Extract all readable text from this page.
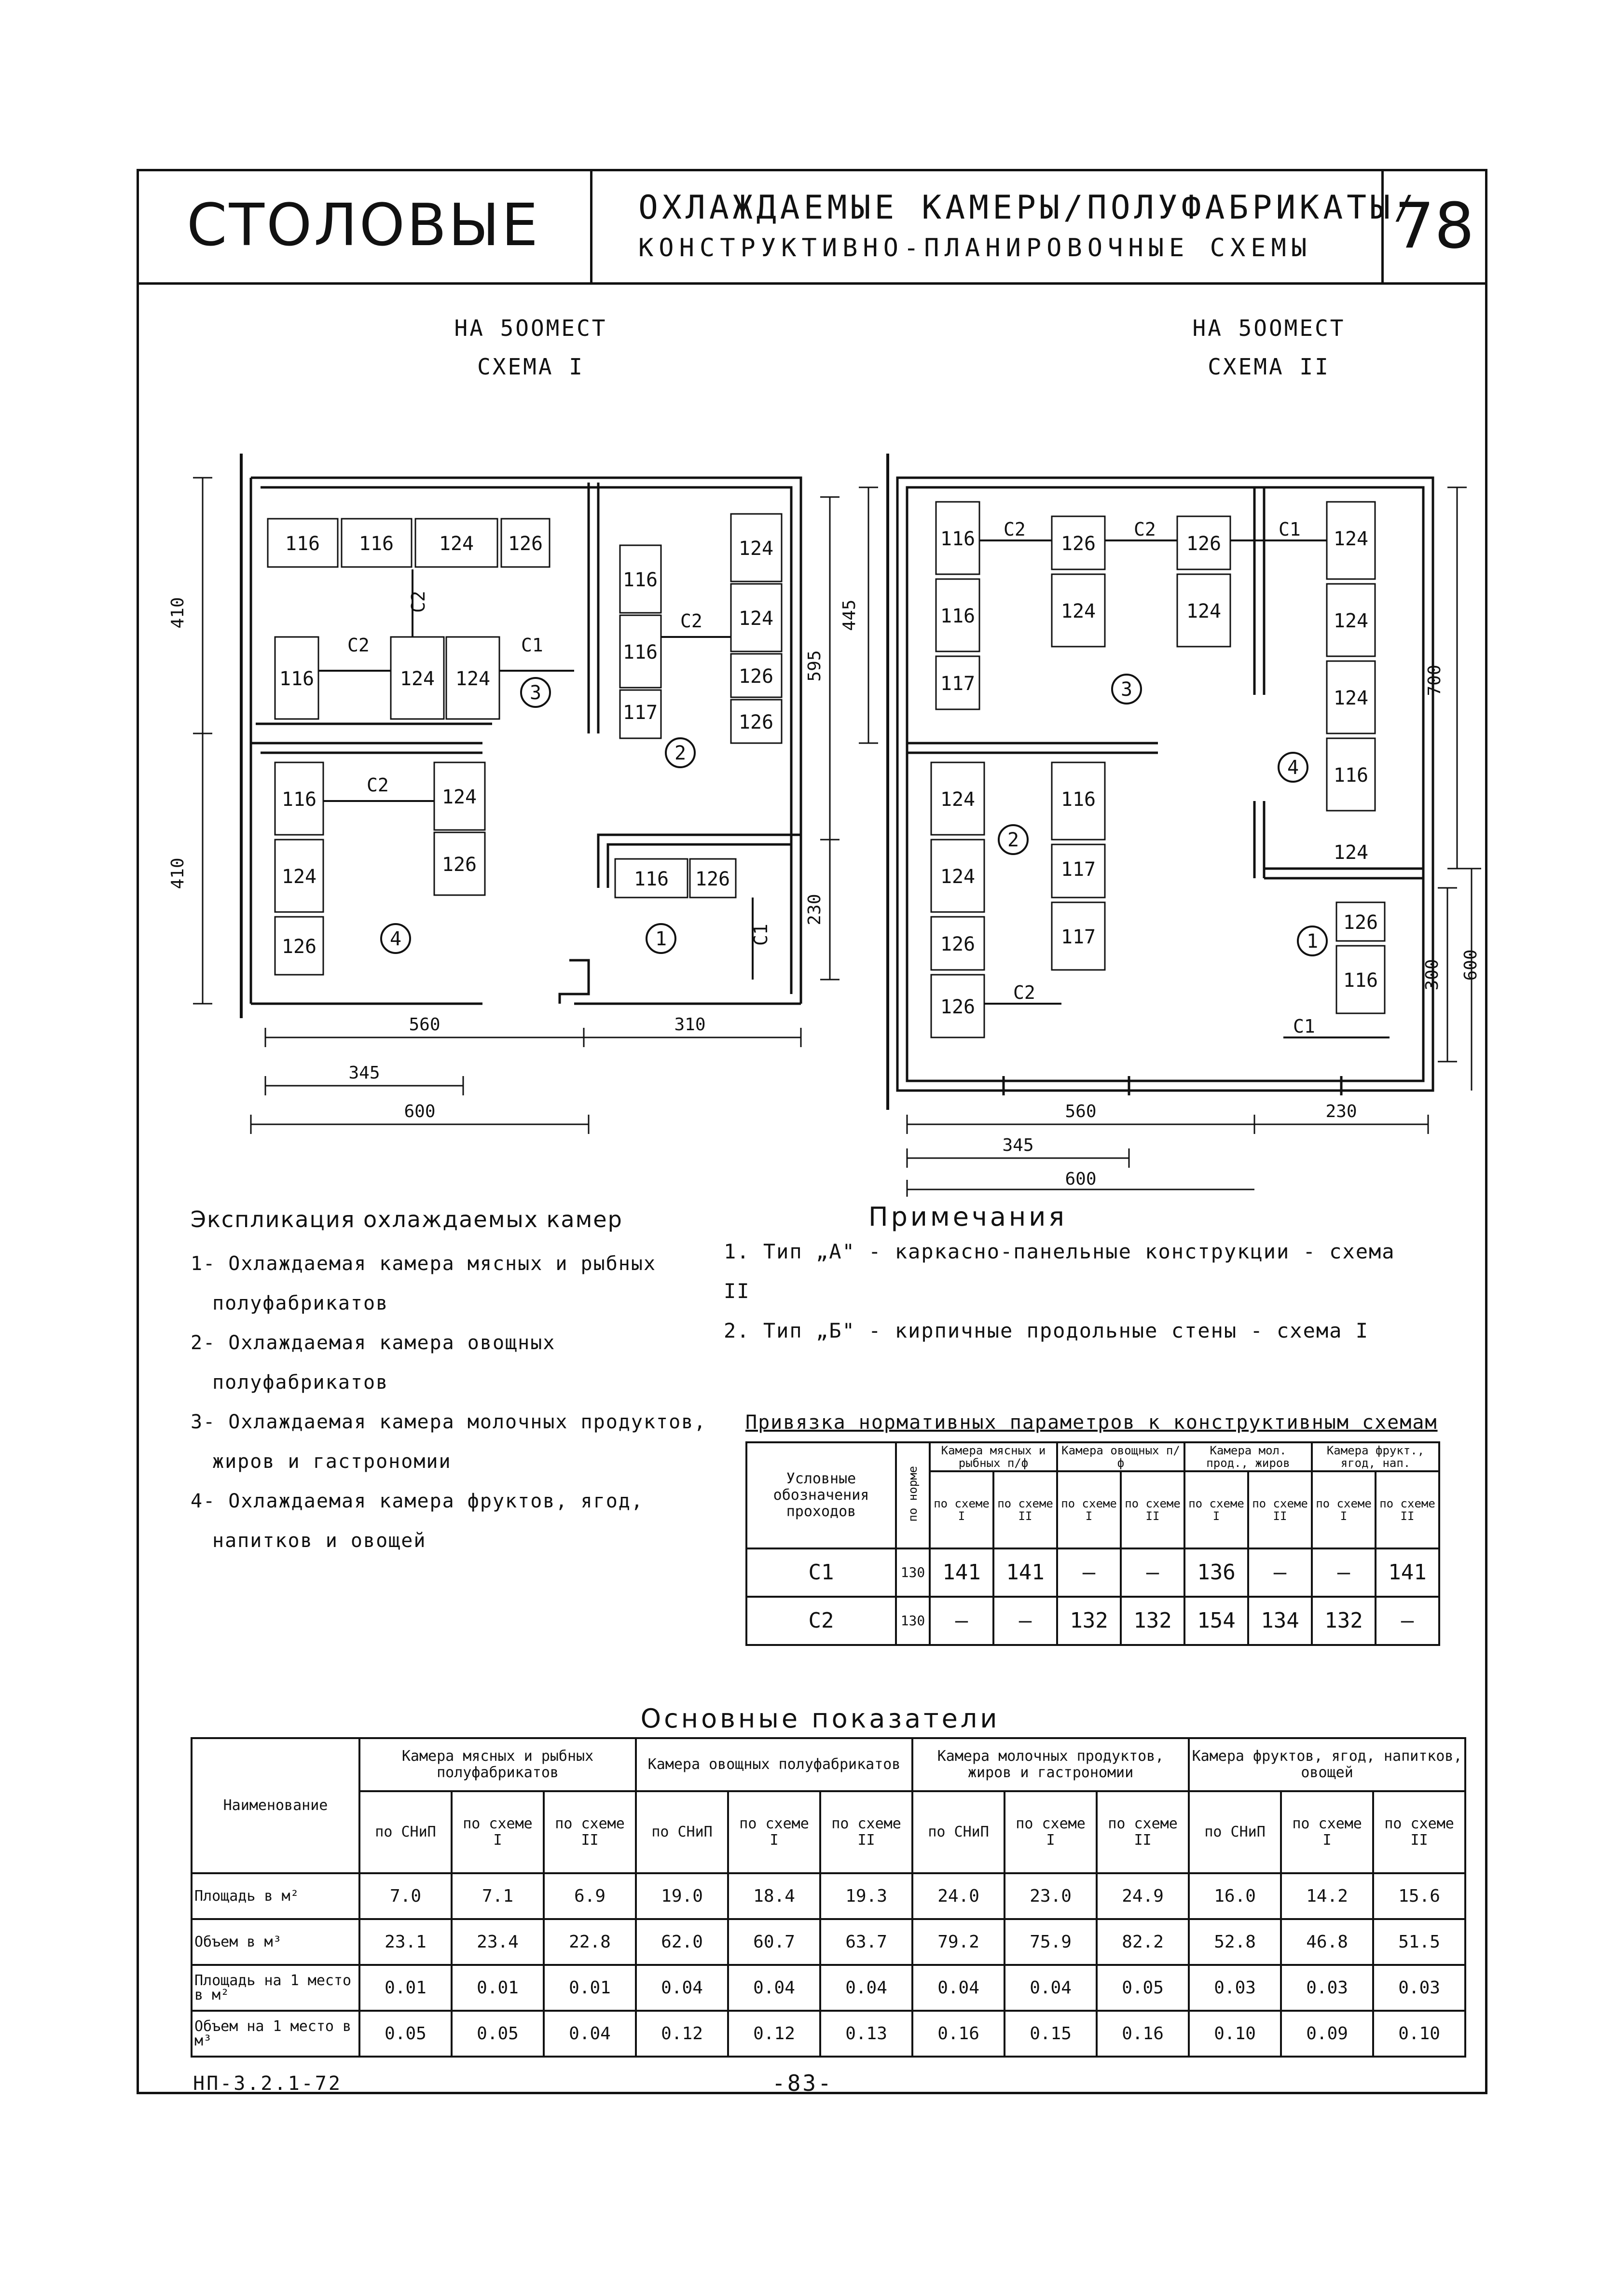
СТОЛОВЫЕ	ОХЛАЖДАЕМЫЕ КАМЕРЫ/ПОЛУФАБРИКАТЫ/
КОНСТРУКТИВНО-ПЛАНИРОВОЧНЫЕ СХЕМЫ	78
НА 5ООМЕСТ
СХЕМА I
НА 5ООМЕСТ
СХЕМА II
116 116 124 126
116
116
117
124
124
126
126
116	124 124
116
124
124
126
126
116 126
C2
C2
C1
C2
C2
C1
3
2
4	1
410
410
595
230
560	310
345
600
116	126	126	124
116	124	124
117
124
124
124	116
124
116
124
117
126	117
126
126
116
C2	C2	C1
C2
C1
3
2
4
1
445
700
600
300
560	230
345
600
Экспликация охлаждаемых камер
1- Охлаждаемая камера мясных и рыбных полуфабрикатов
2- Охлаждаемая камера овощных полуфабрикатов
3- Охлаждаемая камера молочных продуктов, жиров и гастрономии
4- Охлаждаемая камера фруктов, ягод, напитков и овощей
Примечания
1. Тип „А" - каркасно-панельные конструкции - схема II
2. Тип „Б" - кирпичные продольные стены - схема I
Привязка нормативных параметров к конструктивным схемам
Условные обозначения проходов	по норме	Камера мясных и рыбных п/ф		Камера овощных п/ф		Камера мол. прод., жиров		Камера фрукт., ягод, нап.	
		по схеме I	по схеме II	по схеме I	по схеме II	по схеме I	по схеме II	по схеме I	по схеме II
C1	130	141	141	—	—	136	—	—	141
C2	130	—	—	132	132	154	134	132	—
Основные показатели
Наименование	Камера мясных и рыбных полуфабрикатов			Камера овощных полуфабрикатов			Камера молочных продуктов, жиров и гастрономии			Камера фруктов, ягод, напитков, овощей		
	по СНиП	по схеме I	по схеме II	по СНиП	по схеме I	по схеме II	по СНиП	по схеме I	по схеме II	по СНиП	по схеме I	по схеме II
Площадь в м²	7.0	7.1	6.9	19.0	18.4	19.3	24.0	23.0	24.9	16.0	14.2	15.6
Объем в м³	23.1	23.4	22.8	62.0	60.7	63.7	79.2	75.9	82.2	52.8	46.8	51.5
Площадь на 1 место в м²	0.01	0.01	0.01	0.04	0.04	0.04	0.04	0.04	0.05	0.03	0.03	0.03
Объем на 1 место в м³	0.05	0.05	0.04	0.12	0.12	0.13	0.16	0.15	0.16	0.10	0.09	0.10
НП-3.2.1-72	-83-
